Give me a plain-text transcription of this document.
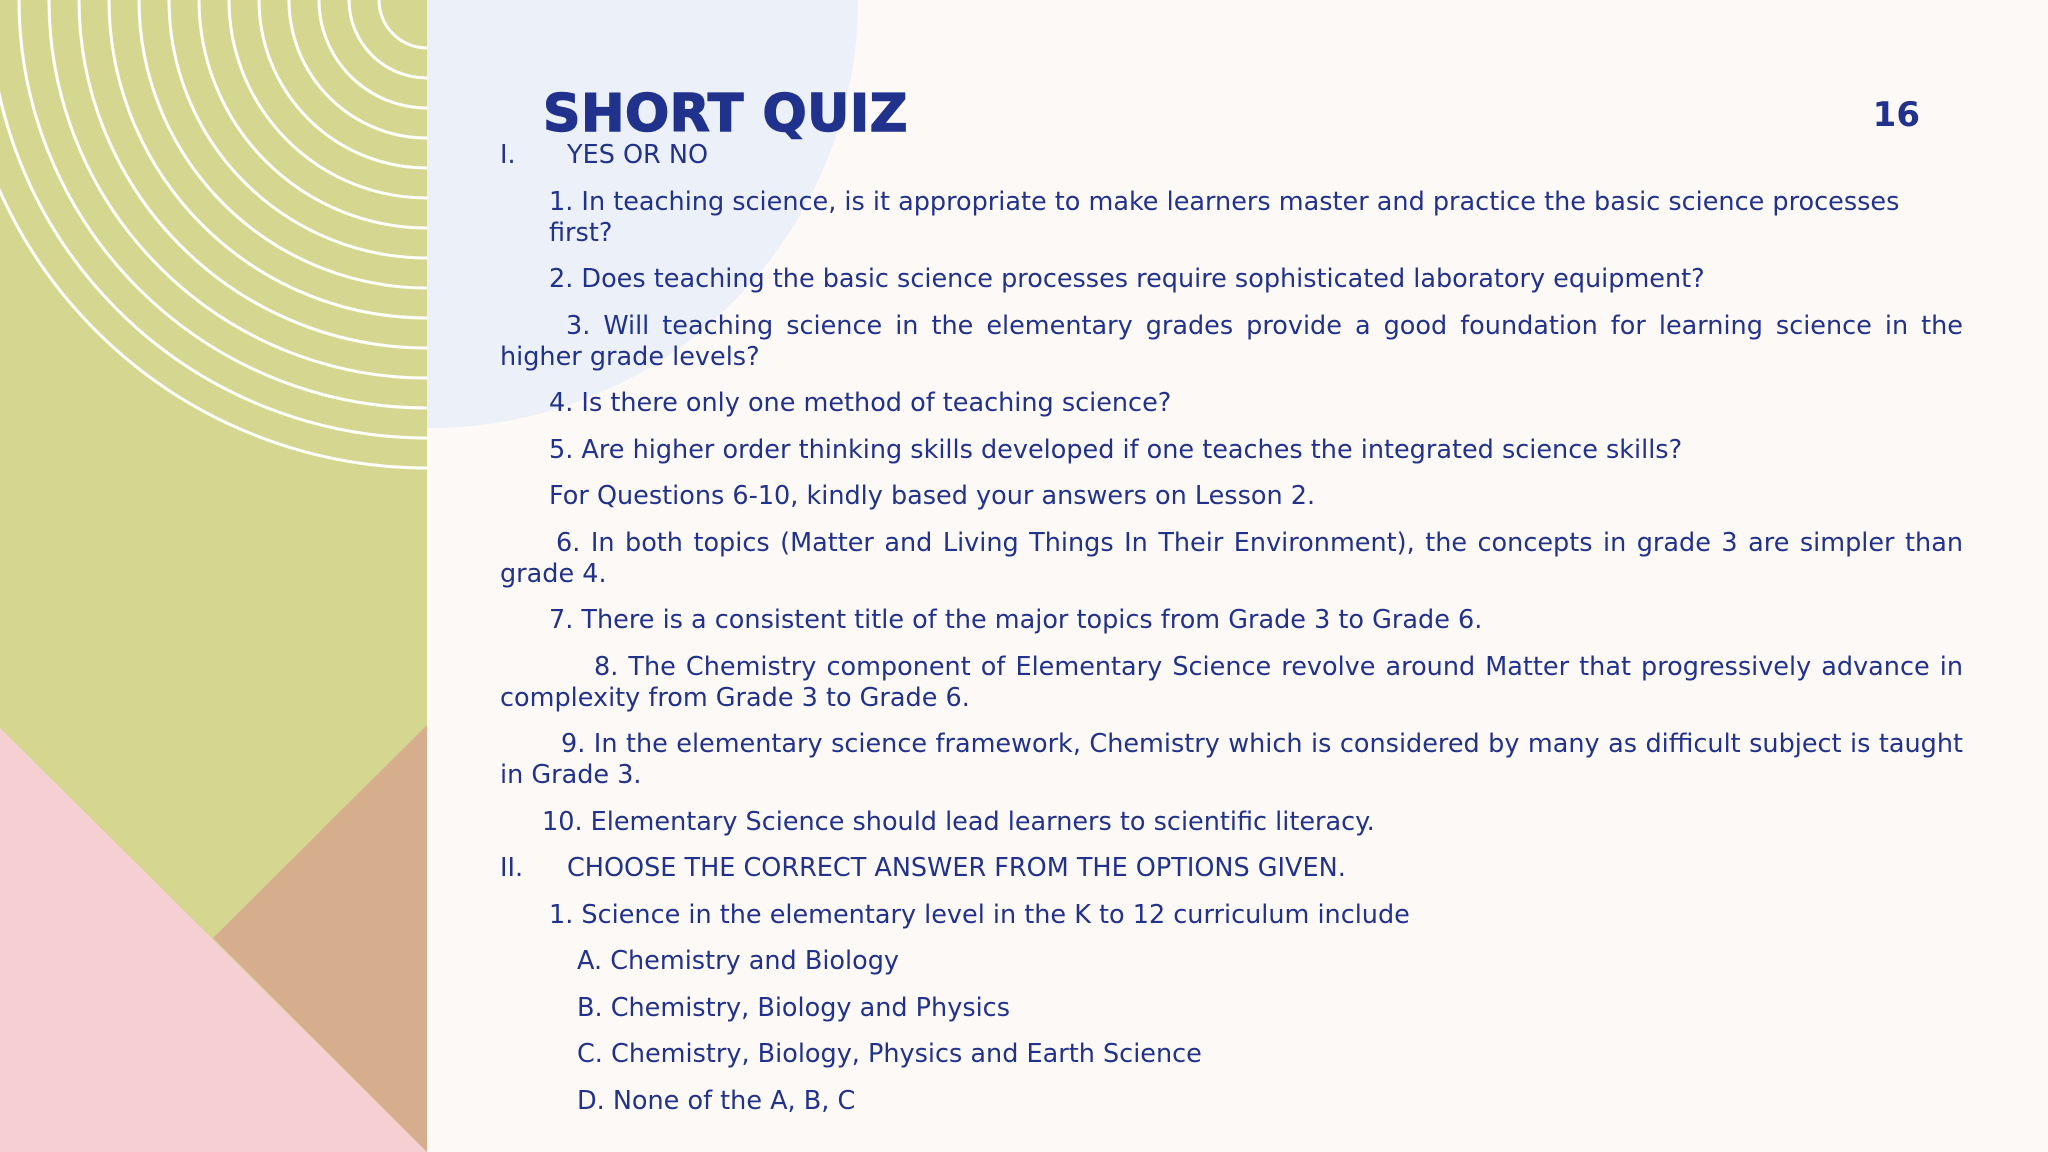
SHORT QUIZ	16

I.	YES OR NO

1. In teaching science, is it appropriate to make learners master and practice the basic science processes first?

2. Does teaching the basic science processes require sophisticated laboratory equipment?

3. Will teaching science in the elementary grades provide a good foundation for learning science in the higher grade levels?

4. Is there only one method of teaching science?

5. Are higher order thinking skills developed if one teaches the integrated science skills?

For Questions 6-10, kindly based your answers on Lesson 2.

6. In both topics (Matter and Living Things In Their Environment), the concepts in grade 3 are simpler than grade 4.

7. There is a consistent title of the major topics from Grade 3 to Grade 6.

8. The Chemistry component of Elementary Science revolve around Matter that progressively advance in complexity from Grade 3 to Grade 6.

9. In the elementary science framework, Chemistry which is considered by many as difficult subject is taught in Grade 3.

10. Elementary Science should lead learners to scientific literacy.

II.	CHOOSE THE CORRECT ANSWER FROM THE OPTIONS GIVEN.

1. Science in the elementary level in the K to 12 curriculum include

A. Chemistry and Biology

B. Chemistry, Biology and Physics

C. Chemistry, Biology, Physics and Earth Science

D. None of the A, B, C
